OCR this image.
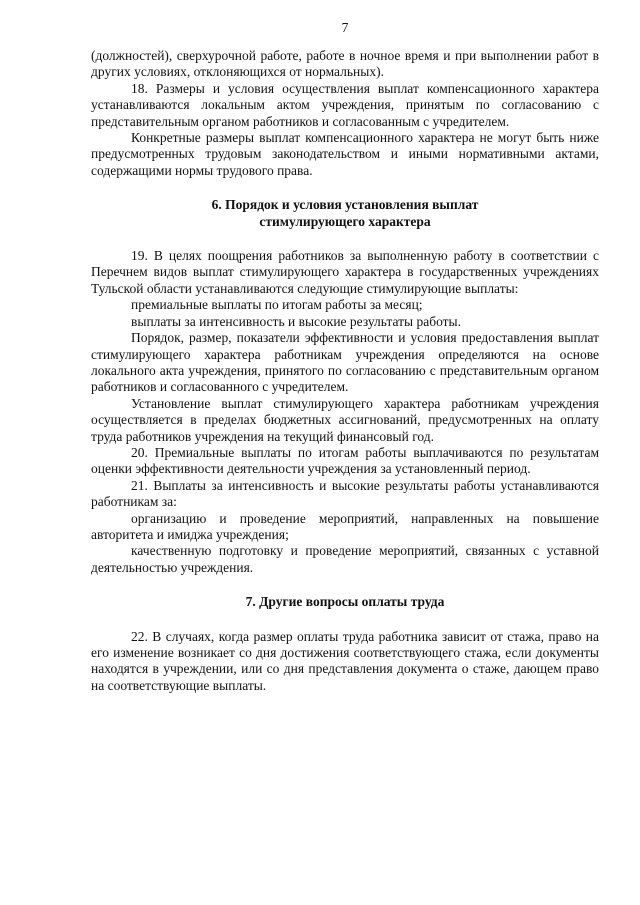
7

(должностей), сверхурочной работе, работе в ночное время и при выполнении работ в других условиях, отклоняющихся от нормальных).

18. Размеры и условия осуществления выплат компенсационного характера устанавливаются локальным актом учреждения, принятым по согласованию с представительным органом работников и согласованным с учредителем.

Конкретные размеры выплат компенсационного характера не могут быть ниже предусмотренных трудовым законодательством и иными нормативными актами, содержащими нормы трудового права.

6. Порядок и условия установления выплат
стимулирующего характера

19. В целях поощрения работников за выполненную работу в соответствии с Перечнем видов выплат стимулирующего характера в государственных учреждениях Тульской области устанавливаются следующие стимулирующие выплаты:

премиальные выплаты по итогам работы за месяц;

выплаты за интенсивность и высокие результаты работы.

Порядок, размер, показатели эффективности и условия предоставления выплат стимулирующего характера работникам учреждения определяются на основе локального акта учреждения, принятого по согласованию с представительным органом работников и согласованного с учредителем.

Установление выплат стимулирующего характера работникам учреждения осуществляется в пределах бюджетных ассигнований, предусмотренных на оплату труда работников учреждения на текущий финансовый год.

20. Премиальные выплаты по итогам работы выплачиваются по результатам оценки эффективности деятельности учреждения за установленный период.

21. Выплаты за интенсивность и высокие результаты работы устанавливаются работникам за:

организацию и проведение мероприятий, направленных на повышение авторитета и имиджа учреждения;

качественную подготовку и проведение мероприятий, связанных с уставной деятельностью учреждения.

7. Другие вопросы оплаты труда

22. В случаях, когда размер оплаты труда работника зависит от стажа, право на его изменение возникает со дня достижения соответствующего стажа, если документы находятся в учреждении, или со дня представления документа о стаже, дающем право на соответствующие выплаты.
